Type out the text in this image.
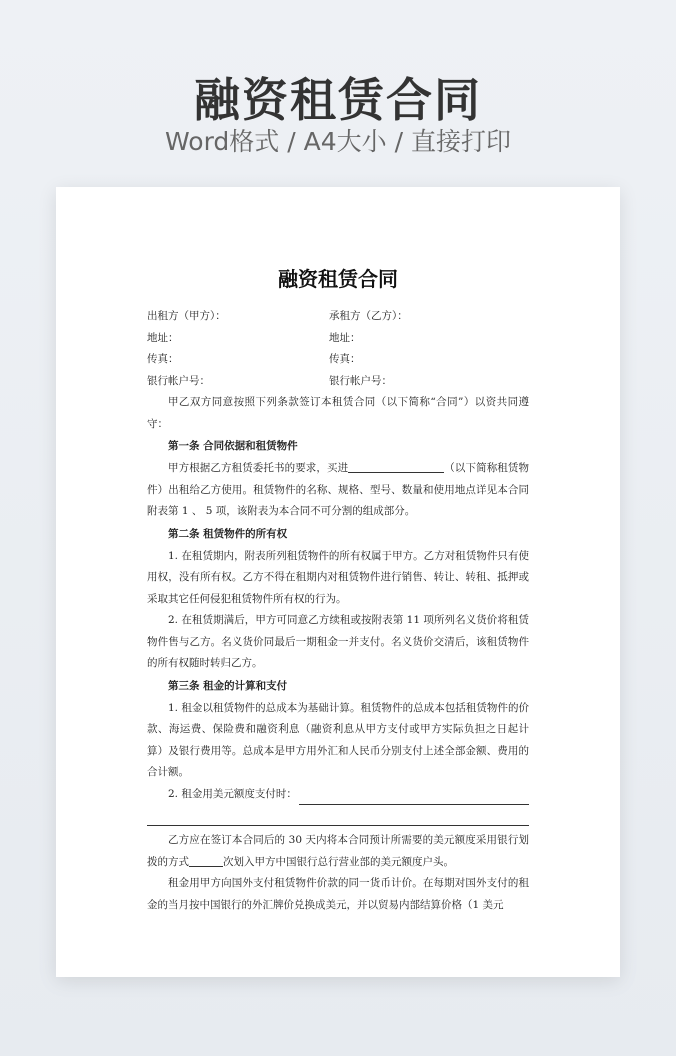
融资租赁合同

Word格式 / A4大小 / 直接打印

融资租赁合同
出租方（甲方）：	承租方（乙方）：
地址：	地址：
传真：	传真：
银行帐户号：	银行帐户号：

甲乙双方同意按照下列条款签订本租赁合同（以下简称“合同”）以资共同遵守：

第一条 合同依据和租赁物件

甲方根据乙方租赁委托书的要求，买进	（以下简称租赁物件）出租给乙方使用。租赁物件的名称、规格、型号、数量和使用地点详见本合同附表第 1 、 5 项，该附表为本合同不可分割的组成部分。

第二条 租赁物件的所有权

1. 在租赁期内，附表所列租赁物件的所有权属于甲方。乙方对租赁物件只有使用权，没有所有权。乙方不得在租期内对租赁物件进行销售、转让、转租、抵押或采取其它任何侵犯租赁物件所有权的行为。

2. 在租赁期满后，甲方可同意乙方续租或按附表第 11 项所列名义货价将租赁物件售与乙方。名义货价同最后一期租金一并支付。名义货价交清后，该租赁物件的所有权随时转归乙方。

第三条 租金的计算和支付

1. 租金以租赁物件的总成本为基础计算。租赁物件的总成本包括租赁物件的价款、海运费、保险费和融资利息（融资利息从甲方支付或甲方实际负担之日起计算）及银行费用等。总成本是甲方用外汇和人民币分别支付上述全部金额、费用的合计额。

2. 租金用美元额度支付时：

乙方应在签订本合同后的 30 天内将本合同预计所需要的美元额度采用银行划拨的方式	次划入甲方中国银行总行营业部的美元额度户头。

租金用甲方向国外支付租赁物件价款的同一货币计价。在每期对国外支付的租金的当月按中国银行的外汇牌价兑换成美元，并以贸易内部结算价格（1 美元
